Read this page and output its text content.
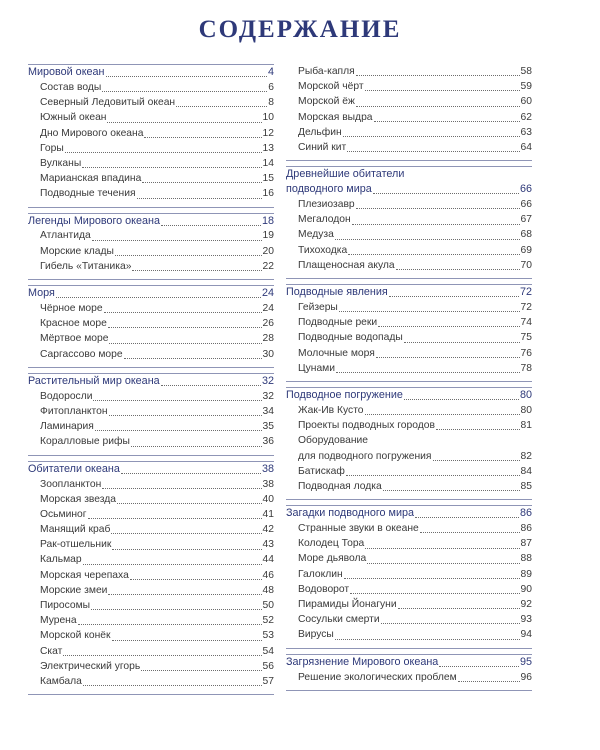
СОДЕРЖАНИЕ
Мировой океан	4
Состав воды	6
Северный Ледовитый океан	8
Южный океан	10
Дно Мирового океана	12
Горы	13
Вулканы	14
Марианская впадина	15
Подводные течения	16
Легенды Мирового океана	18
Атлантида	19
Морские клады	20
Гибель «Титаника»	22
Моря	24
Чёрное море	24
Красное море	26
Мёртвое море	28
Саргассово море	30
Растительный мир океана	32
Водоросли	32
Фитопланктон	34
Ламинария	35
Коралловые рифы	36
Обитатели океана	38
Зоопланктон	38
Морская звезда	40
Осьминог	41
Манящий краб	42
Рак-отшельник	43
Кальмар	44
Морская черепаха	46
Морские змеи	48
Пиросомы	50
Мурена	52
Морской конёк	53
Скат	54
Электрический угорь	56
Камбала	57
Рыба-капля	58
Морской чёрт	59
Морской ёж	60
Морская выдра	62
Дельфин	63
Синий кит	64
Древнейшие обитатели
подводного мира	66
Плезиозавр	66
Мегалодон	67
Медуза	68
Тихоходка	69
Плащеносная акула	70
Подводные явления	72
Гейзеры	72
Подводные реки	74
Подводные водопады	75
Молочные моря	76
Цунами	78
Подводное погружение	80
Жак-Ив Кусто	80
Проекты подводных городов	81
Оборудование
для подводного погружения	82
Батискаф	84
Подводная лодка	85
Загадки подводного мира	86
Странные звуки в океане	86
Колодец Тора	87
Море дьявола	88
Галоклин	89
Водоворот	90
Пирамиды Йонагуни	92
Сосульки смерти	93
Вирусы	94
Загрязнение Мирового океана	95
Решение экологических проблем	96
